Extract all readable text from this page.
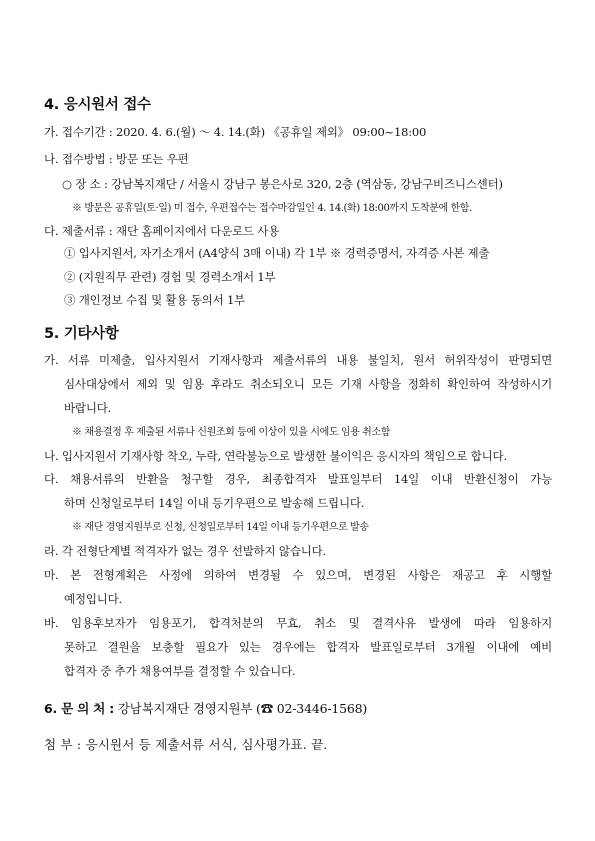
4. 응시원서 접수
가. 접수기간 : 2020. 4. 6.(월) ～ 4. 14.(화) 《공휴일 제외》 09:00~18:00
나. 접수방법 : 방문 또는 우편
○ 장 소 : 강남복지재단 / 서울시 강남구 봉은사로 320, 2층 (역삼동, 강남구비즈니스센터)
※ 방문은 공휴일(토·일) 미 접수, 우편접수는 접수마감일인 4. 14.(화) 18:00까지 도착분에 한함.
다. 제출서류 : 재단 홈페이지에서 다운로드 사용
① 입사지원서, 자기소개서 (A4양식 3매 이내) 각 1부 ※ 경력증명서, 자격증 사본 제출
② (지원직무 관련) 경험 및 경력소개서 1부
③ 개인정보 수집 및 활용 동의서 1부
5. 기타사항
가. 서류 미제출, 입사지원서 기재사항과 제출서류의 내용 불일치, 원서 허위작성이 판명되면
심사대상에서 제외 및 임용 후라도 취소되오니 모든 기재 사항을 정화히 확인하여 작성하시기
바랍니다.
※ 채용결정 후 제출된 서류나 신원조회 등에 이상이 있을 시에도 임용 취소함
나. 입사지원서 기재사항 착오, 누락, 연락불능으로 발생한 불이익은 응시자의 책임으로 합니다.
다. 채용서류의 반환을 청구할 경우, 최종합격자 발표일부터 14일 이내 반환신청이 가능
하며 신청일로부터 14일 이내 등기우편으로 발송해 드립니다.
※ 재단 경영지원부로 신청, 신청일로부터 14일 이내 등기우편으로 발송
라. 각 전형단계별 적격자가 없는 경우 선발하지 않습니다.
마. 본 전형계획은 사정에 의하여 변경될 수 있으며, 변경된 사항은 재공고 후 시행할
예정입니다.
바. 임용후보자가 임용포기, 합격처분의 무효, 취소 및 결격사유 발생에 따라 임용하지
못하고 결원을 보충할 필요가 있는 경우에는 합격자 발표일로부터 3개월 이내에 예비
합격자 중 추가 채용여부를 결정할 수 있습니다.
6. 문 의 처 : 강남복지재단 경영지원부 (☎ 02-3446-1568)
첨 부 : 응시원서 등 제출서류 서식, 심사평가표. 끝.
